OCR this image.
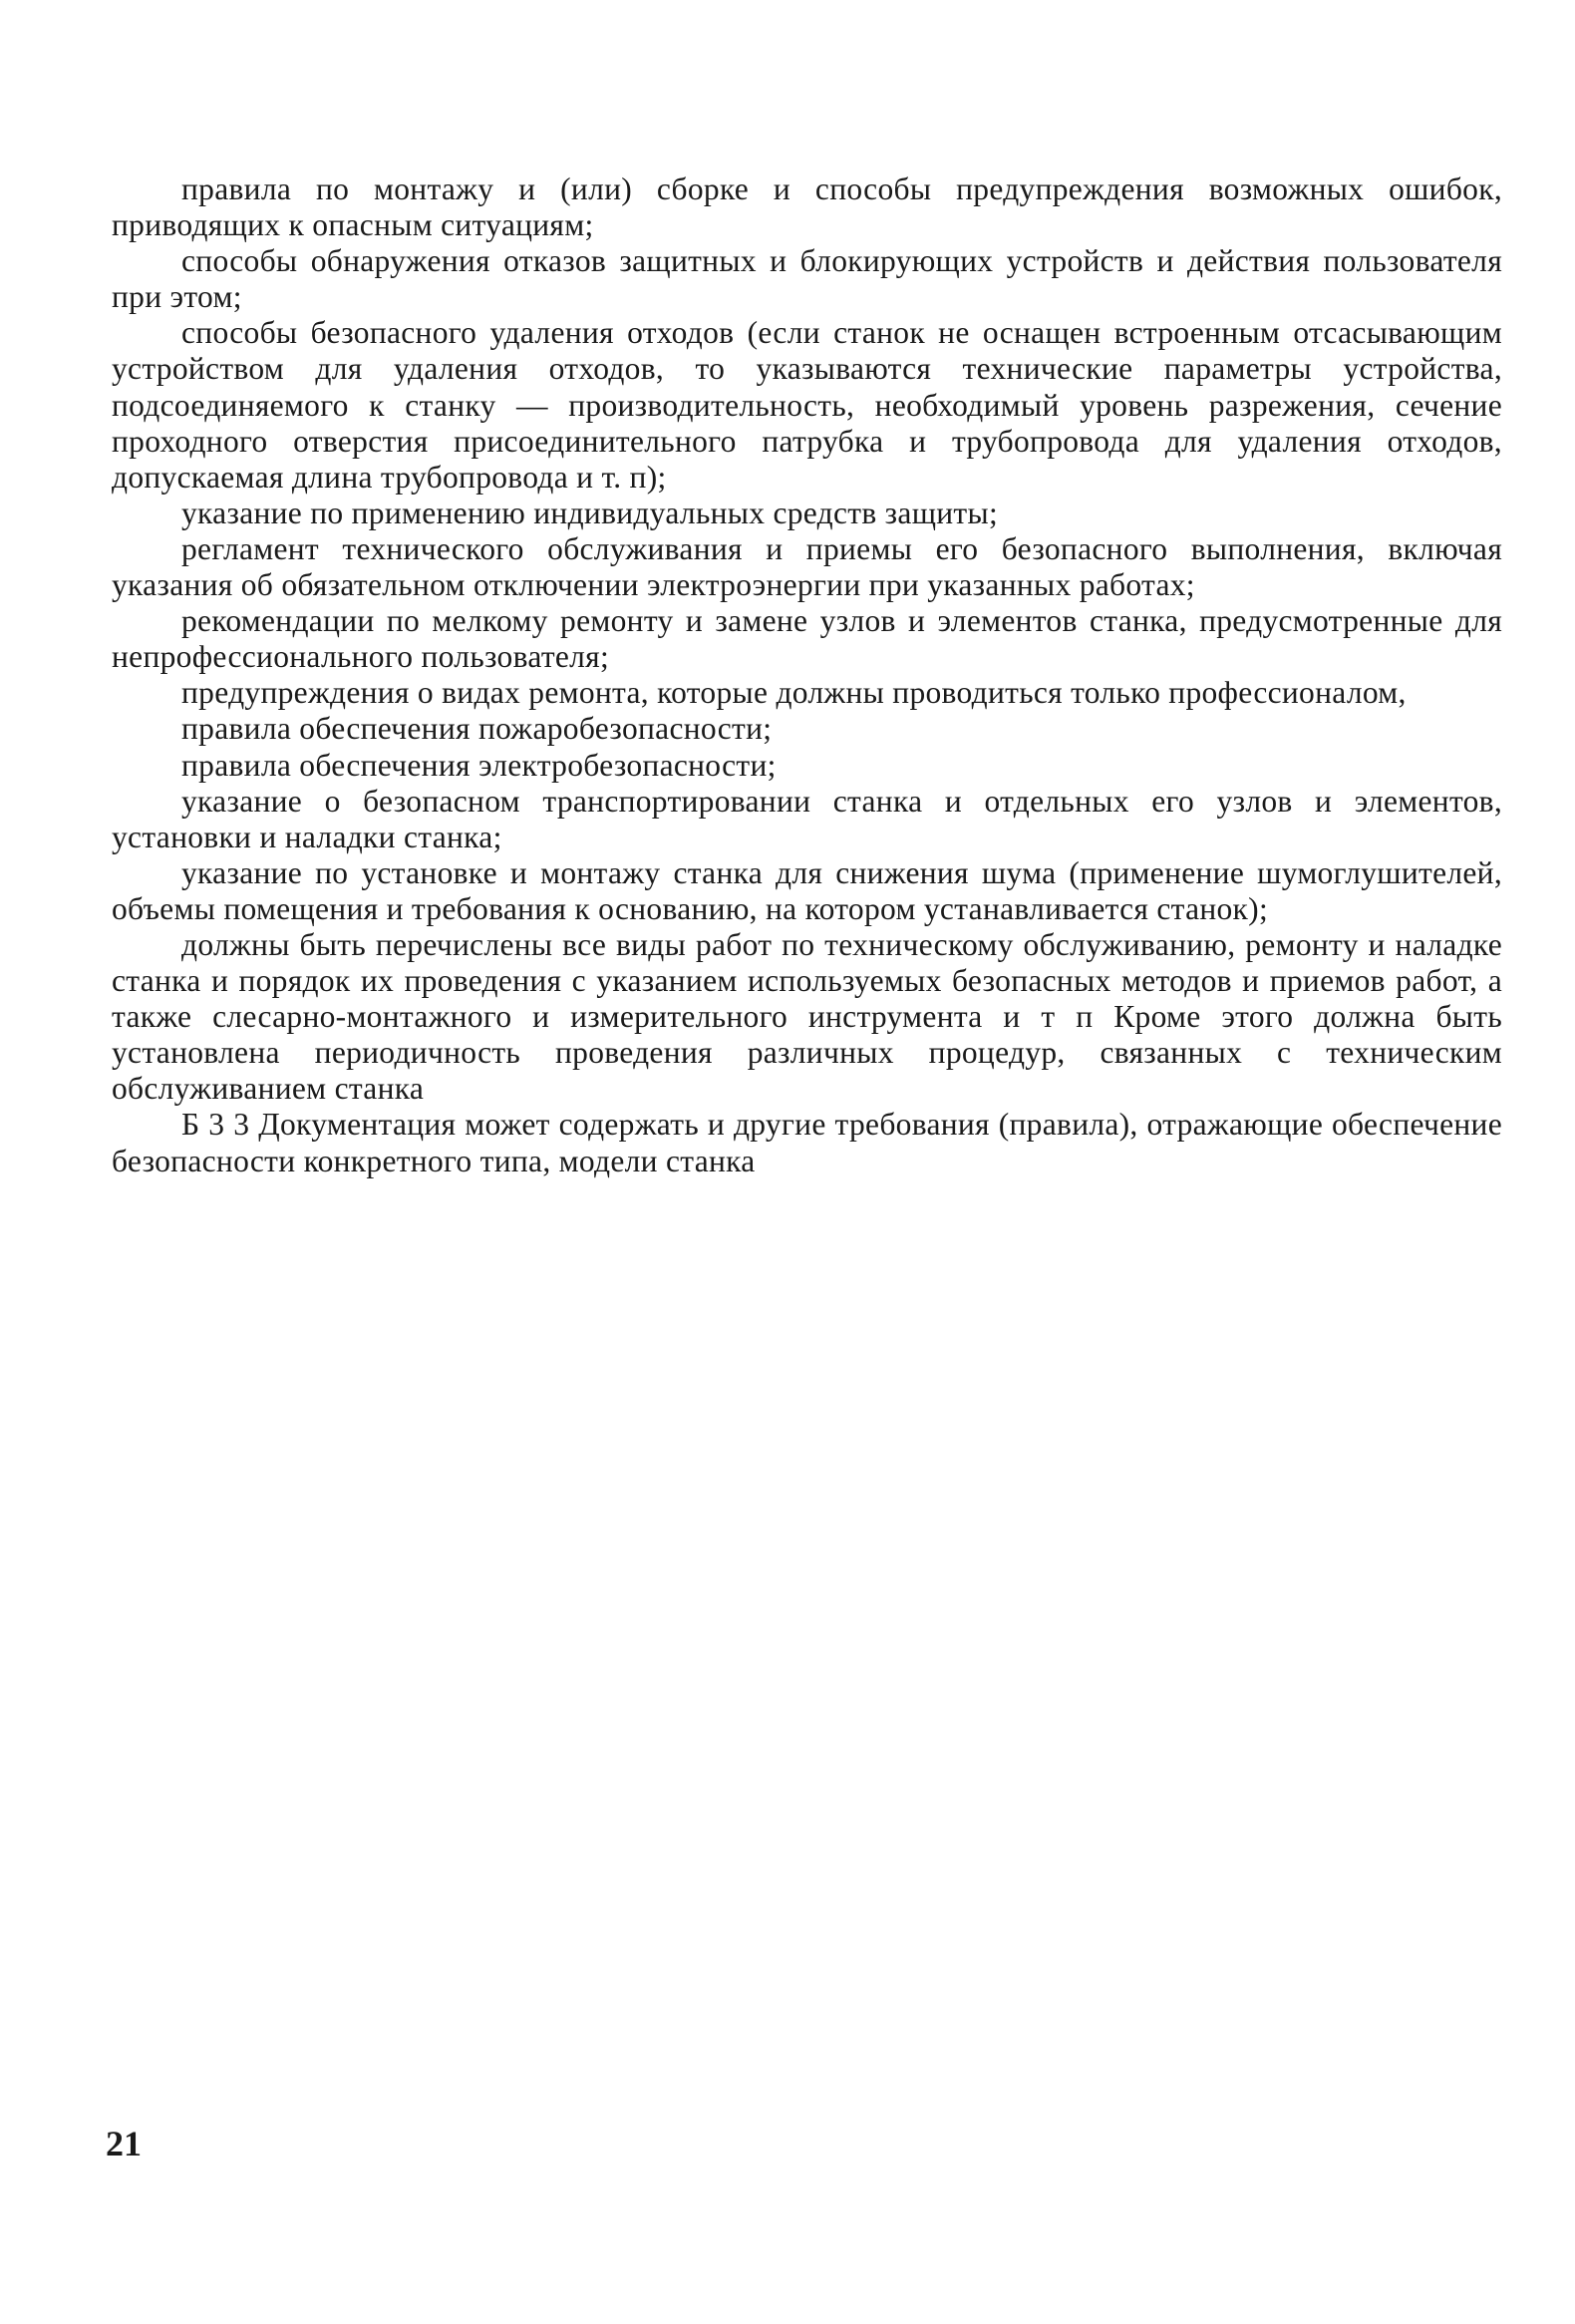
правила по монтажу и (или) сборке и способы предупреждения возможных ошибок, приводящих к опасным ситуациям;

способы обнаружения отказов защитных и блокирующих устройств и действия пользователя при этом;

способы безопасного удаления отходов (если станок не оснащен встроенным отсасывающим устройством для удаления отходов, то указываются технические параметры устройства, подсоединяемого к станку — производительность, необходимый уровень разрежения, сечение проходного отверстия присоединительного патрубка и трубопровода для удаления отходов, допускаемая длина трубопровода и т. п);

указание по применению индивидуальных средств защиты;

регламент технического обслуживания и приемы его безопасного выполнения, включая указания об обязательном отключении электроэнергии при указанных работах;

рекомендации по мелкому ремонту и замене узлов и элементов станка, предусмотренные для непрофессионального пользователя;

предупреждения о видах ремонта, которые должны проводиться только профессионалом,

правила обеспечения пожаробезопасности;

правила обеспечения электробезопасности;

указание о безопасном транспортировании станка и отдельных его узлов и элементов, установки и наладки станка;

указание по установке и монтажу станка для снижения шума (применение шумоглушителей, объемы помещения и требования к основанию, на котором устанавливается станок);

должны быть перечислены все виды работ по техническому обслуживанию, ремонту и наладке станка и порядок их проведения с указанием используемых безопасных методов и приемов работ, а также слесарно-монтажного и измерительного инструмента и т п Кроме этого должна быть установлена периодичность проведения различных процедур, связанных с техническим обслуживанием станка

Б 3 3 Документация может содержать и другие требования (правила), отражающие обеспечение безопасности конкретного типа, модели станка

21
